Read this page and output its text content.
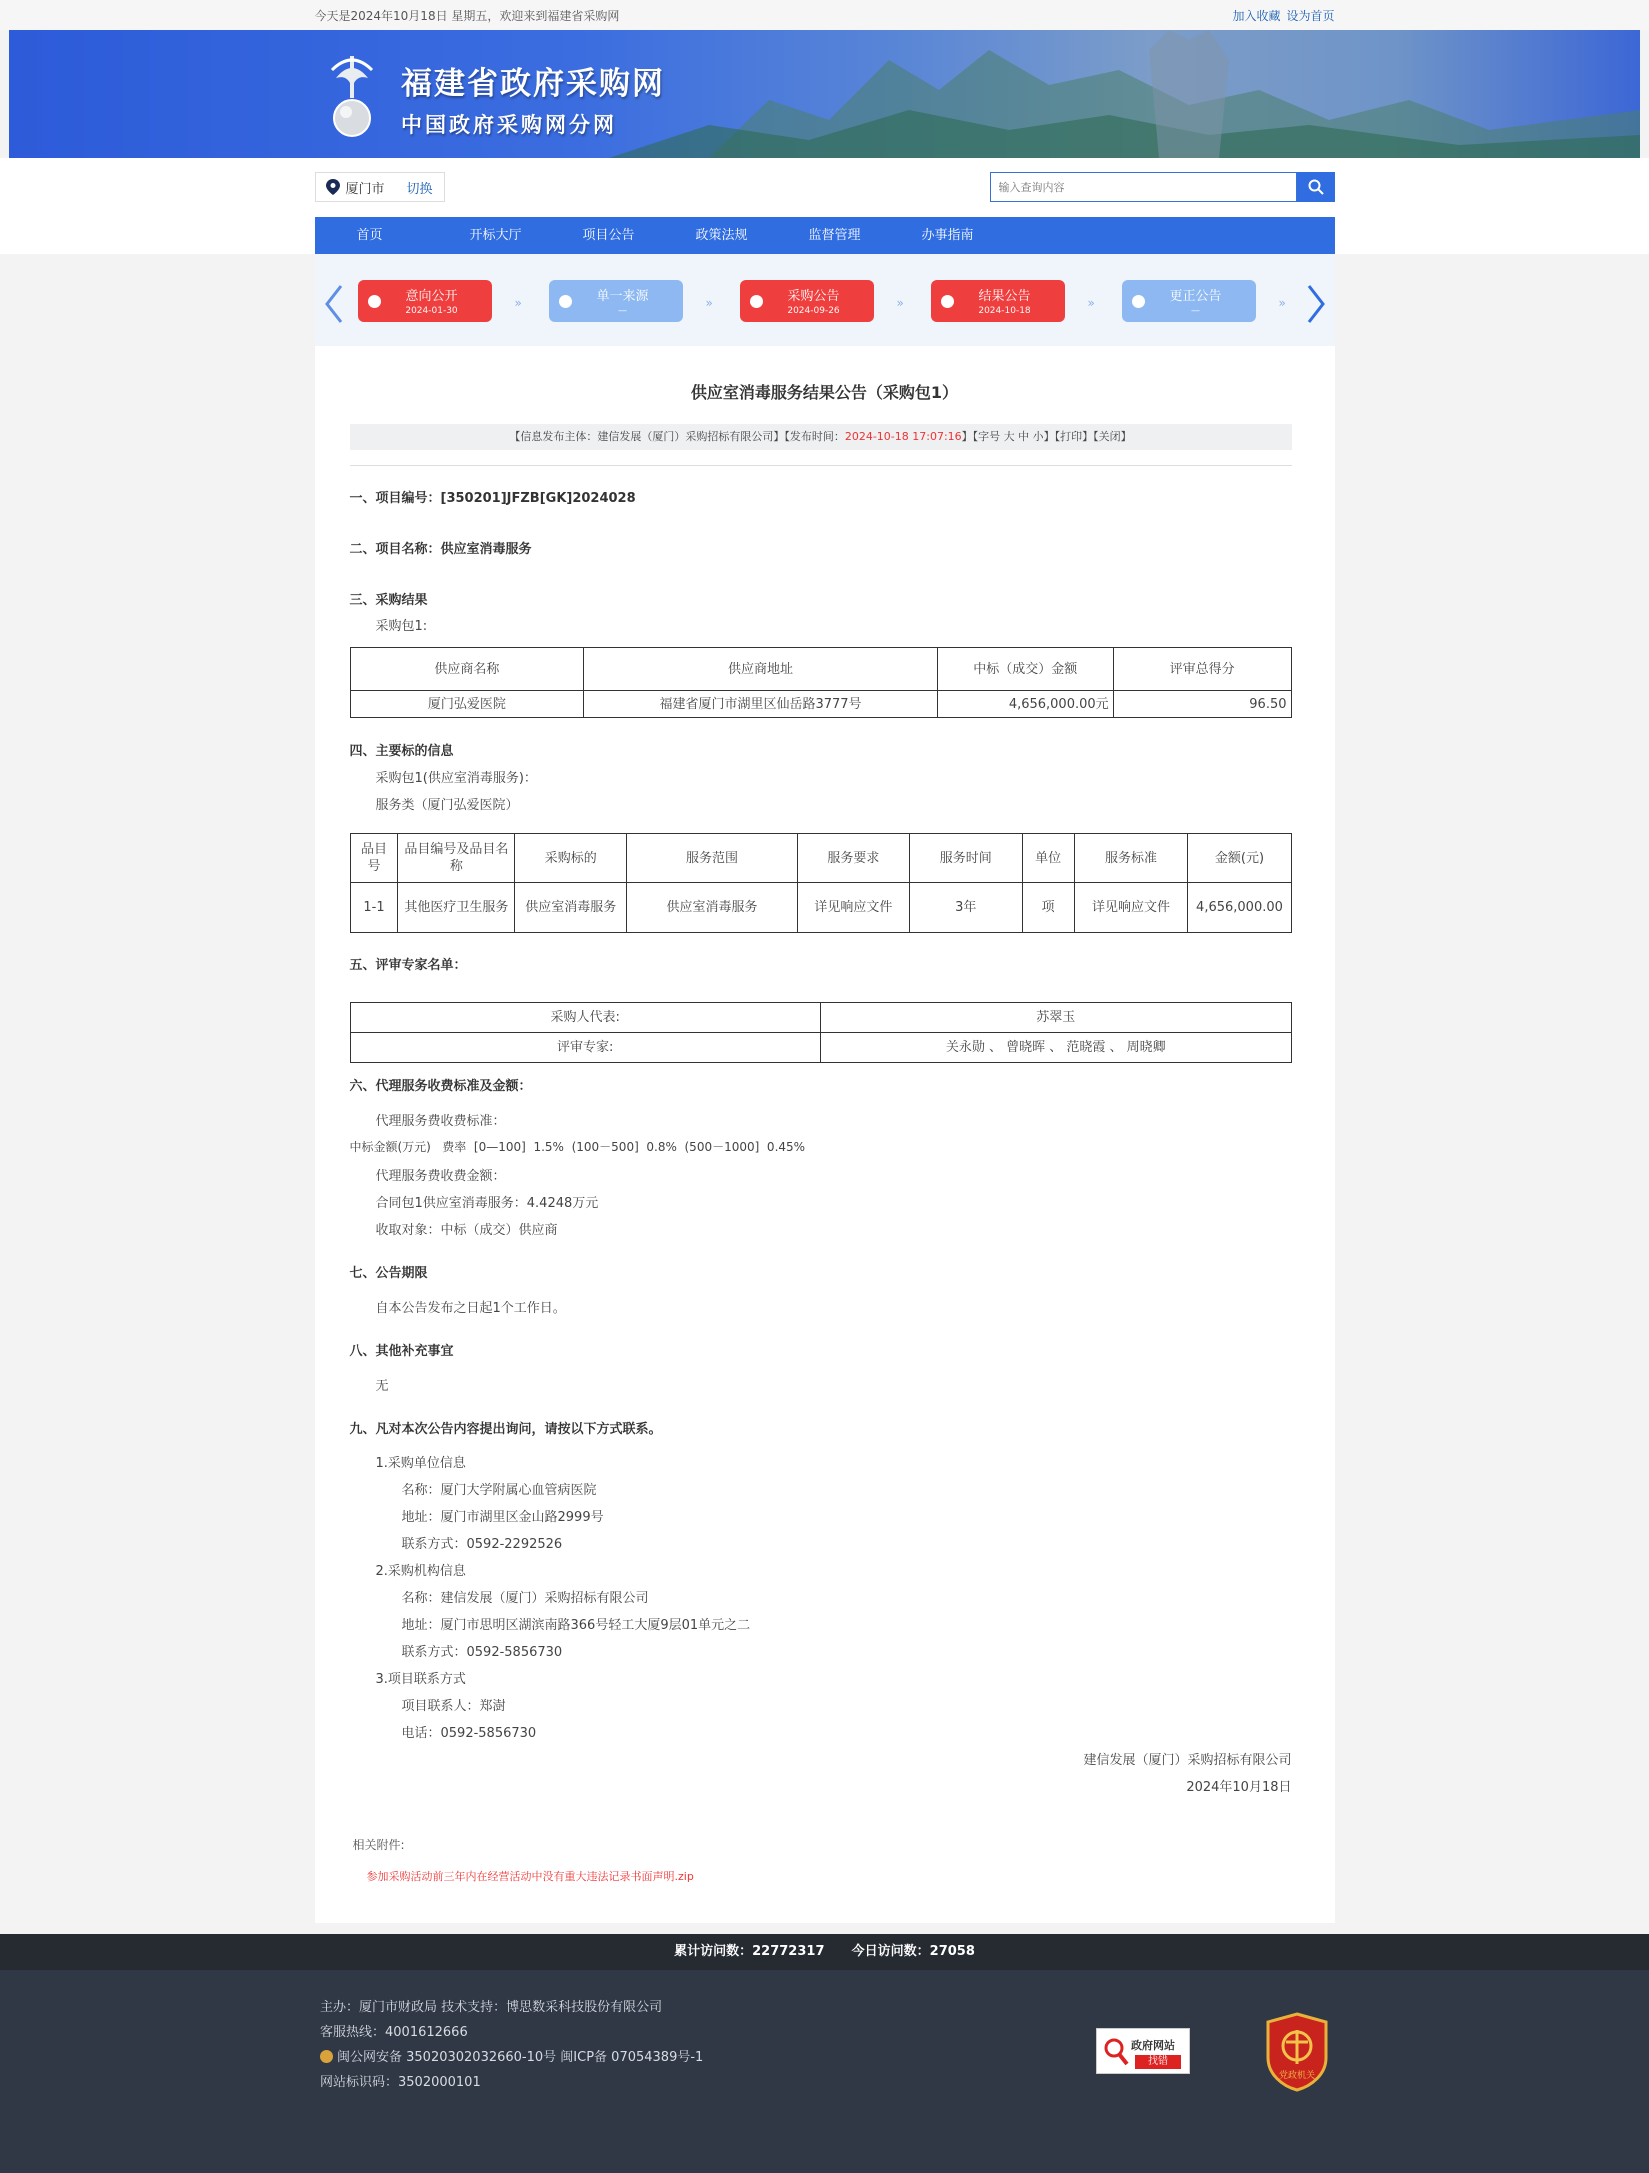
今天是2024年10月18日 星期五，欢迎来到福建省采购网	加入收藏 设为首页
福建省政府采购网
中国政府采购网分网
厦门市 切换
输入查询内容
首页	开标大厅	项目公告	政策法规	监督管理	办事指南
意向公开
2024-01-30
»	单一来源
—
»	采购公告
2024-09-26
»	结果公告
2024-10-18
»	更正公告
—
»
供应室消毒服务结果公告（采购包1）
【信息发布主体：建信发展（厦门）采购招标有限公司】【发布时间：2024-10-18 17:07:16】【字号 大 中 小】【打印】【关闭】
一、项目编号：[350201]JFZB[GK]2024028
二、项目名称：供应室消毒服务
三、采购结果
采购包1:
供应商名称	供应商地址	中标（成交）金额	评审总得分
厦门弘爱医院	福建省厦门市湖里区仙岳路3777号	4,656,000.00元	96.50
四、主要标的信息
采购包1(供应室消毒服务)：
服务类（厦门弘爱医院）
品目号	品目编号及品目名称	采购标的	服务范围	服务要求	服务时间	单位	服务标准	金额(元)
1-1	其他医疗卫生服务	供应室消毒服务	供应室消毒服务	详见响应文件	3年	项	详见响应文件	4,656,000.00
五、评审专家名单：
采购人代表:	苏翠玉
评审专家:	关永勋 、 曾晓晖 、 范晓霞 、 周晓卿
六、代理服务收费标准及金额：
代理服务费收费标准：
中标金额(万元)   费率  [0—100]  1.5%  (100－500]  0.8%  (500－1000]  0.45%
代理服务费收费金额：
合同包1供应室消毒服务：4.4248万元
收取对象：中标（成交）供应商
七、公告期限
自本公告发布之日起1个工作日。
八、其他补充事宜
无
九、凡对本次公告内容提出询问，请按以下方式联系。
1.采购单位信息
名称：厦门大学附属心血管病医院
地址：厦门市湖里区金山路2999号
联系方式：0592-2292526
2.采购机构信息
名称：建信发展（厦门）采购招标有限公司
地址：厦门市思明区湖滨南路366号轻工大厦9层01单元之二
联系方式：0592-5856730
3.项目联系方式
项目联系人：郑澍
电话：0592-5856730
建信发展（厦门）采购招标有限公司
2024年10月18日
相关附件:
参加采购活动前三年内在经营活动中没有重大违法记录书面声明.zip
累计访问数：22772317      今日访问数：27058
主办：厦门市财政局 技术支持：博思数采科技股份有限公司
客服热线：4001612666
闽公网安备 35020302032660-10号 闽ICP备 07054389号-1
网站标识码：3502000101
政府网站
找错
党政机关
